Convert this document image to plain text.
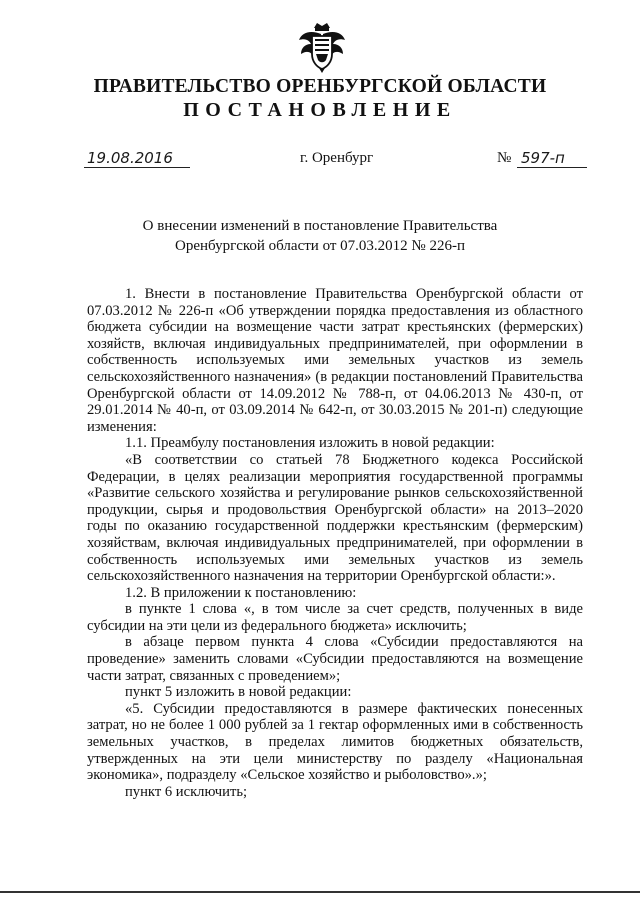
ПРАВИТЕЛЬСТВО ОРЕНБУРГСКОЙ ОБЛАСТИ
ПОСТАНОВЛЕНИЕ
19.08.2016	г. Оренбург	№ 597-п
О внесении изменений в постановление Правительства
Оренбургской области от 07.03.2012 № 226-п

1. Внести в постановление Правительства Оренбургской области от 07.03.2012 № 226-п «Об утверждении порядка предоставления из областного бюджета субсидии на возмещение части затрат крестьянских (фермерских) хозяйств, включая индивидуальных предпринимателей, при оформлении в собственность используемых ими земельных участков из земель сельскохозяйственного назначения» (в редакции постановлений Правительства Оренбургской области от 14.09.2012 № 788-п, от 04.06.2013 № 430-п, от 29.01.2014 № 40-п, от 03.09.2014 № 642-п, от 30.03.2015 № 201-п) следующие изменения:

1.1. Преамбулу постановления изложить в новой редакции:

«В соответствии со статьей 78 Бюджетного кодекса Российской Федерации, в целях реализации мероприятия государственной программы «Развитие сельского хозяйства и регулирование рынков сельскохозяйственной продукции, сырья и продовольствия Оренбургской области» на 2013–2020 годы по оказанию государственной поддержки крестьянским (фермерским) хозяйствам, включая индивидуальных предпринимателей, при оформлении в собственность используемых ими земельных участков из земель сельскохозяйственного назначения на территории Оренбургской области:».

1.2. В приложении к постановлению:

в пункте 1 слова «, в том числе за счет средств, полученных в виде субсидии на эти цели из федерального бюджета» исключить;

в абзаце первом пункта 4 слова «Субсидии предоставляются на проведение» заменить словами «Субсидии предоставляются на возмещение части затрат, связанных с проведением»;

пункт 5 изложить в новой редакции:

«5. Субсидии предоставляются в размере фактических понесенных затрат, но не более 1 000 рублей за 1 гектар оформленных ими в собственность земельных участков, в пределах лимитов бюджетных обязательств, утвержденных на эти цели министерству по разделу «Национальная экономика», подразделу «Сельское хозяйство и рыболовство».»;

пункт 6 исключить;
